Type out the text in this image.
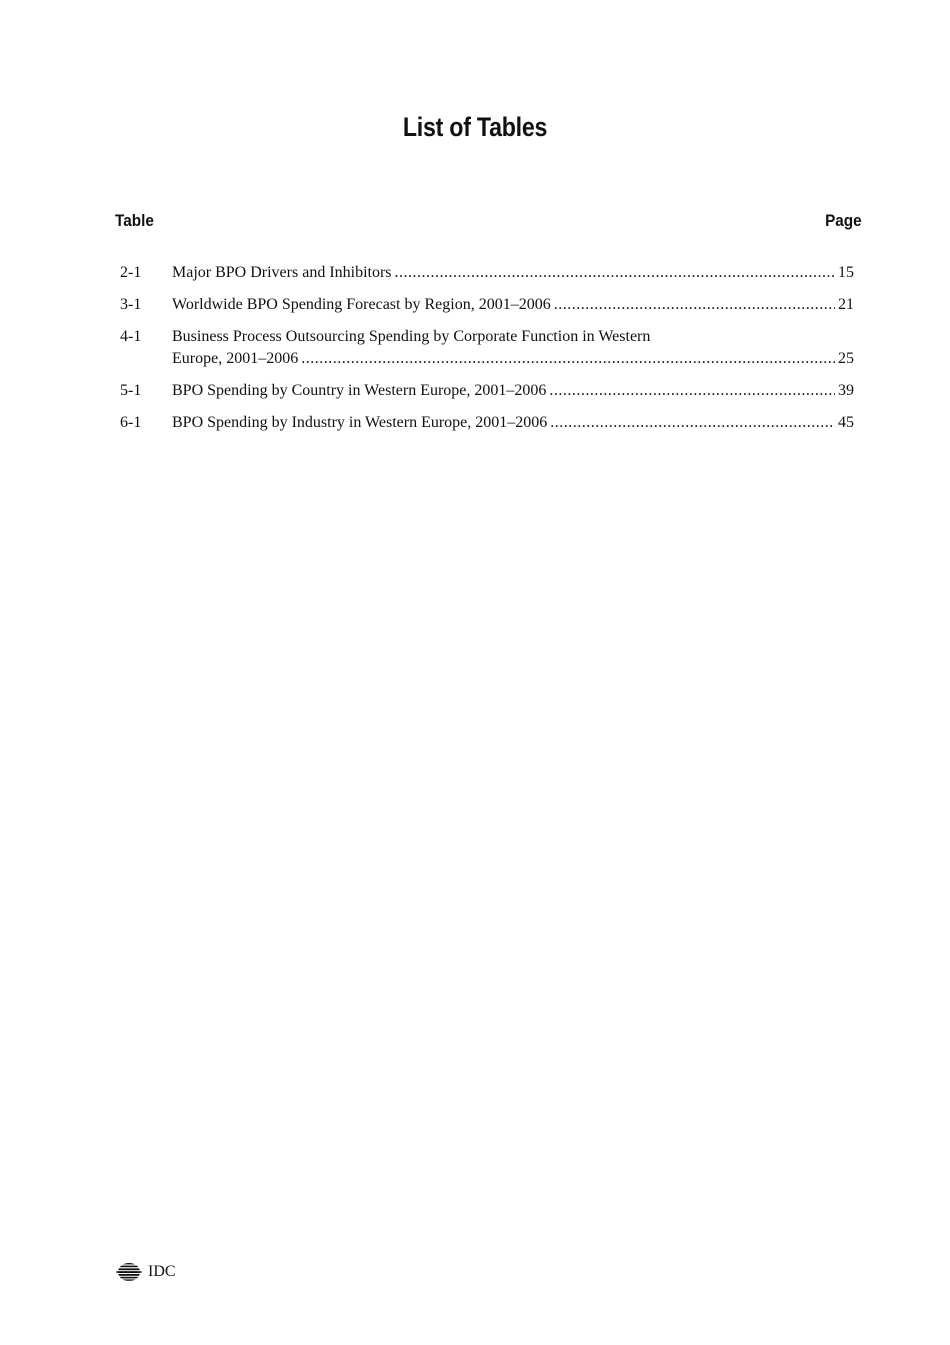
List of Tables
Table	Page
2-1	Major BPO Drivers and Inhibitors .....	15
3-1	Worldwide BPO Spending Forecast by Region, 2001–2006 .....	21
4-1	Business Process Outsourcing Spending by Corporate Function in Western
Europe, 2001–2006 .....	25
5-1	BPO Spending by Country in Western Europe, 2001–2006 .....	39
6-1	BPO Spending by Industry in Western Europe, 2001–2006 .....	45
IDC
